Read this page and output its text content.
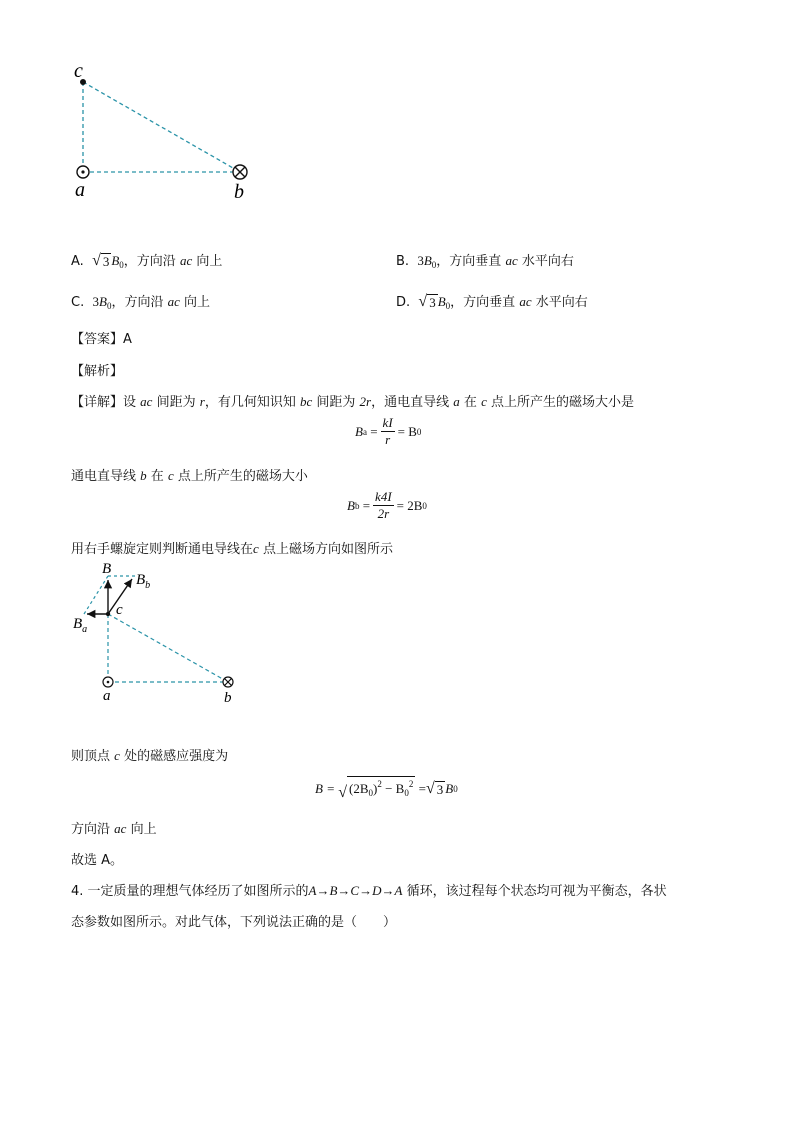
c
a	b
A. √ 3 $B_0$，方向沿 ac 向上	B. $3B_0$，方向垂直 ac 水平向右
C. $3B_0$，方向沿 ac 向上	D. √ 3 $B_0$，方向垂直 ac 水平向右
【答案】A
【解析】
【详解】设 ac 间距为 r，有几何知识知 bc 间距为 2r，通电直导线 a 在 c 点上所产生的磁场大小是
B $a = \frac{kI}{r} = B$ 0
通电直导线 b 在 c 点上所产生的磁场大小
B $b = \frac{k4I}{2r} = 2B$ 0
用右手螺旋定则判断通电导线在c 点上磁场方向如图所示
B
$B_b$
c
$B_a$
a	b
则顶点 c 处的磁感应强度为
B =
√ $(2B_0)^2 - B_0^2$
= √ 3 B 0
方向沿 ac 向上
故选 A。
4. 一定质量的理想气体经历了如图所示的A→B→C→D→A 循环，该过程每个状态均可视为平衡态，各状
态参数如图所示。对此气体，下列说法正确的是（　　）
